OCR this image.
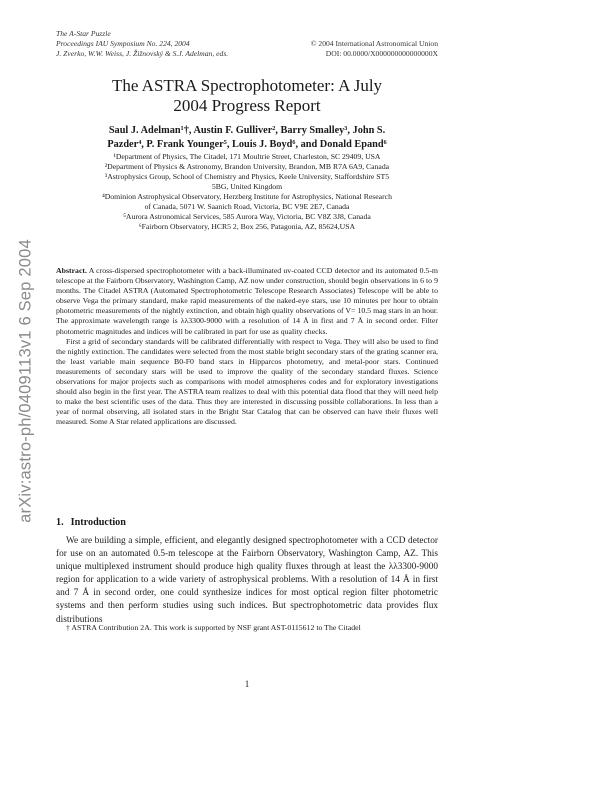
The A-Star Puzzle
Proceedings IAU Symposium No. 224, 2004
J. Zverko, W.W. Weiss, J. Žižnovský & S.J. Adelman, eds.
© 2004 International Astronomical Union
DOI: 00.0000/X000000000000000X
arXiv:astro-ph/0409113v1 6 Sep 2004
The ASTRA Spectrophotometer: A July
2004 Progress Report
Saul J. Adelman¹†, Austin F. Gulliver², Barry Smalley³, John S.
Pazder⁴, P. Frank Younger⁵, Louis J. Boyd⁶, and Donald Epand⁶
¹Department of Physics, The Citadel, 171 Moultrie Street, Charleston, SC 29409, USA
²Department of Physics & Astronomy, Brandon University, Brandon, MB R7A 6A9, Canada
³Astrophysics Group, School of Chemistry and Physics, Keele University, Staffordshire ST5
5BG, United Kingdom
⁴Dominion Astrophysical Observatory, Herzberg Institute for Astrophysics, National Research
of Canada, 5071 W. Saanich Road, Victoria, BC V9E 2E7, Canada
⁵Aurora Astronomical Services, 585 Aurora Way, Victoria, BC V8Z 3J8, Canada
⁶Fairborn Observatory, HCR5 2, Box 256, Patagonia, AZ, 85624,USA

Abstract. A cross-dispersed spectrophotometer with a back-illuminated uv-coated CCD detector and its automated 0.5-m telescope at the Fairborn Observatory, Washington Camp, AZ now under construction, should begin observations in 6 to 9 months. The Citadel ASTRA (Automated Spectrophotometric Telescope Research Associates) Telescope will be able to observe Vega the primary standard, make rapid measurements of the naked-eye stars, use 10 minutes per hour to obtain photometric measurements of the nightly extinction, and obtain high quality observations of V= 10.5 mag stars in an hour. The approximate wavelength range is λλ3300-9000 with a resolution of 14 Å in first and 7 Å in second order. Filter photometric magnitudes and indices will be calibrated in part for use as quality checks.

First a grid of secondary standards will be calibrated differentially with respect to Vega. They will also be used to find the nightly extinction. The candidates were selected from the most stable bright secondary stars of the grating scanner era, the least variable main sequence B0-F0 band stars in Hipparcos photometry, and metal-poor stars. Continued measurements of secondary stars will be used to improve the quality of the secondary standard fluxes. Science observations for major projects such as comparisons with model atmospheres codes and for exploratory investigations should also begin in the first year. The ASTRA team realizes to deal with this potential data flood that they will need help to make the best scientific uses of the data. Thus they are interested in discussing possible collaborations. In less than a year of normal observing, all isolated stars in the Bright Star Catalog that can be observed can have their fluxes well measured. Some A Star related applications are discussed.

1. Introduction

We are building a simple, efficient, and elegantly designed spectrophotometer with a CCD detector for use on an automated 0.5-m telescope at the Fairborn Observatory, Washington Camp, AZ. This unique multiplexed instrument should produce high quality fluxes through at least the λλ3300-9000 region for application to a wide variety of astrophysical problems. With a resolution of 14 Å in first and 7 Å in second order, one could synthesize indices for most optical region filter photometric systems and then perform studies using such indices. But spectrophotometric data provides flux distributions

† ASTRA Contribution 2A. This work is supported by NSF grant AST-0115612 to The Citadel

1
